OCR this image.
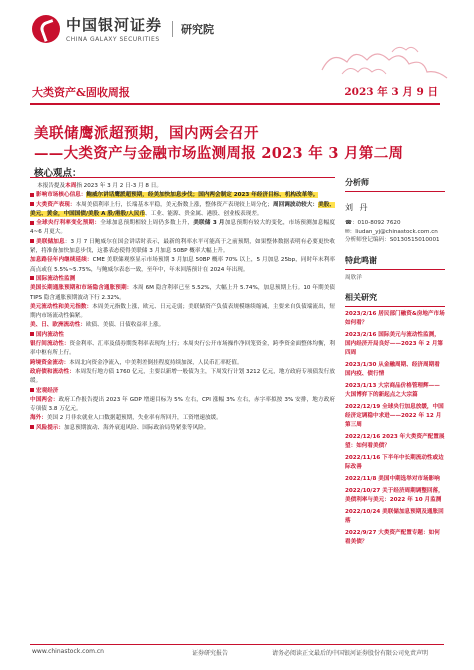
中国银河证券
CHINA GALAXY SECURITIES
研究院
大类资产&固收周报	2023 年 3 月 9 日
美联储鹰派超预期，国内两会召开
——大类资产与金融市场监测周报 2023 年 3 月第二周
核心观点：

本报告提及本周指 2023 年 3 月 2 日-3 月 8 日。

影响市场核心信息：鲍威尔讲话鹰派超预期，经美加快加息步伐；国内两会制定 2023 年经济目标、机构改革等。

大类资产表现：本周美债利率上行，长端基本平稳，美元指数上涨，整体资产表现较上周分化；周回调波动较大：美股、美元、黄金，中国国债/美股 A 股/港股/人民币、工业、能源、贵金属、港股、创业板表现差。

全球央行利率变化预期：全球加息预期相较上周仍多数上升，美联储 3 月加息预期有较大的变化，市场预测加息幅度 4~6 月更大。

美联储加息：3 月 7 日鲍威尔在国会讲话时表示，最新的利率水平可能高于之前预期，如果整体数据表明有必要更快收紧，将准备加快加息步伐，这番表态使得美联储 3 月加息 50BP 概率大幅上升。

加息路径年内继续延续：CME 美联储观察显示市场预期 3 月加息 50BP 概率 70% 以上，5 月加息 25bp，同时年末利率高点或在 5.5%~5.75%，与鲍威尔表态一致，至年中，年末回落预计在 2024 年出现。

国际流动性监测

美国长期通胀预期和市场隐含通胀预期：本周 6M 隐含利率已至 5.52%，大幅上升 5.74%，加息预期上行。10 年期美债 TIPS 隐含通胀预期波动下行 2.32%。

美元流动性和美元指数：本周美元指数上涨，欧元、日元走弱；美联储资产负债表规模继续缩减，主要来自负债端流出，短期内市场流动性偏紧。

美、日、欧洲流动性：欧债、美债、日债收益率上涨。

国内流动性

银行间流动性：资金利率、汇率及债券期货利率表现均上行；本周央行公开市场操作净回笼资金，跨季资金面整体均衡，利率中枢有所上行。

跨境资金流动：本周北向资金净流入，中美利差倒挂程度持续加深，人民币汇率贬值。

政府债和流动性：本周发行地方债 1760 亿元，主要以新增一般债为主，下周发行计划 3212 亿元，地方政府专项债发行放缓。

宏观经济

中国两会：政府工作报告提出 2023 年 GDP 增速目标为 5% 左右，CPI 涨幅 3% 左右，赤字率拟按 3% 安排，地方政府专项债 3.8 万亿元。

海外：美国 2 月非农就业人口数据超预期，失业率有所回升，工资增速放缓。

风险提示：加息预期波动、海外衰退风险、国际政治局势紧张等风险。

分析师
刘 丹
☎：010-8092 7620
✉：liudan_yj@chinastock.com.cn
分析师登记编码：S0130515010001
特此鸣谢
周欣洋
相关研究
2023/2/16 居民部门融资&房地产市场如何看？
2023/2/16 国际美元与流动性监测，国内经济开局良好——2023 年 2 月第四周
2023/1/30 从金融周期、经济周期看国内疫、债行情
2023/1/13 大宗商品价格管理辉——大国博弈下的新起点之大宗篇
2022/12/19 全球央行加息放缓，中国经济定调稳中求进——2022 年 12 月第三周
2022/12/16 2023 年大类资产配置展望：如何看美债？
2022/11/16 下半年中长期流动性或边际改善
2022/11/8 美国中期选举对市场影响
2022/10/27 关于经济周期调整回落，美债利率与美元：2022 年 10 月监测
2022/10/24 美联储加息预期及通胀回落
2022/9/27 大类资产配置专题：如何看美债？
www.chinastock.com.cn	证券研究报告	请务必阅读正文最后的中国银河证券股份有限公司免责声明
